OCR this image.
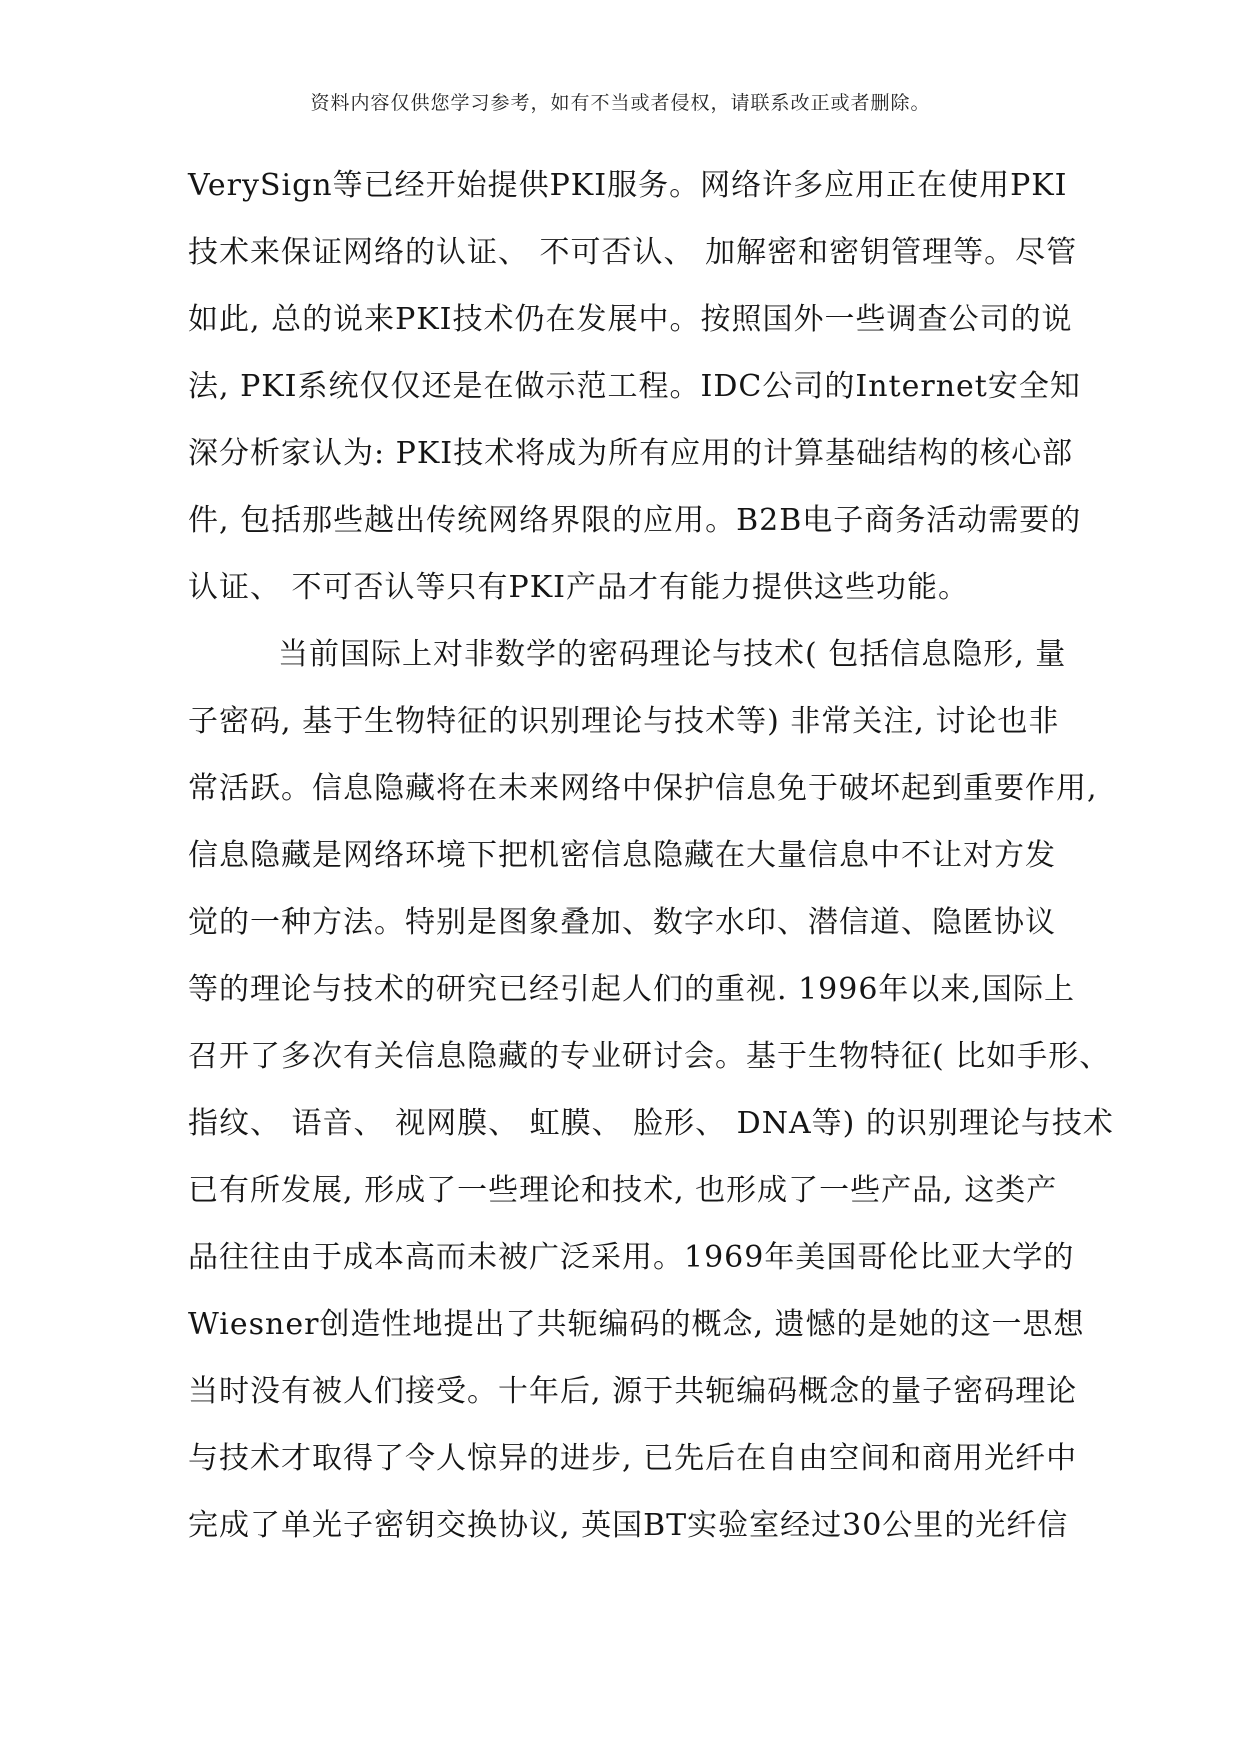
资料内容仅供您学习参考，如有不当或者侵权，请联系改正或者删除。
VerySign等已经开始提供PKI服务。网络许多应用正在使用PKI
技术来保证网络的认证、 不可否认、 加解密和密钥管理等。尽管
如此, 总的说来PKI技术仍在发展中。按照国外一些调查公司的说
法, PKI系统仅仅还是在做示范工程。IDC公司的Internet安全知
深分析家认为: PKI技术将成为所有应用的计算基础结构的核心部
件, 包括那些越出传统网络界限的应用。B2B电子商务活动需要的
认证、 不可否认等只有PKI产品才有能力提供这些功能。
当前国际上对非数学的密码理论与技术( 包括信息隐形, 量
子密码, 基于生物特征的识别理论与技术等) 非常关注, 讨论也非
常活跃。信息隐藏将在未来网络中保护信息免于破坏起到重要作用,
信息隐藏是网络环境下把机密信息隐藏在大量信息中不让对方发
觉的一种方法。特别是图象叠加、数字水印、潜信道、隐匿协议
等的理论与技术的研究已经引起人们的重视. 1996年以来,国际上
召开了多次有关信息隐藏的专业研讨会。基于生物特征( 比如手形、
指纹、 语音、 视网膜、 虹膜、 脸形、 DNA等) 的识别理论与技术
已有所发展, 形成了一些理论和技术, 也形成了一些产品, 这类产
品往往由于成本高而未被广泛采用。1969年美国哥伦比亚大学的
Wiesner创造性地提出了共轭编码的概念, 遗憾的是她的这一思想
当时没有被人们接受。十年后, 源于共轭编码概念的量子密码理论
与技术才取得了令人惊异的进步, 已先后在自由空间和商用光纤中
完成了单光子密钥交换协议, 英国BT实验室经过30公里的光纤信
